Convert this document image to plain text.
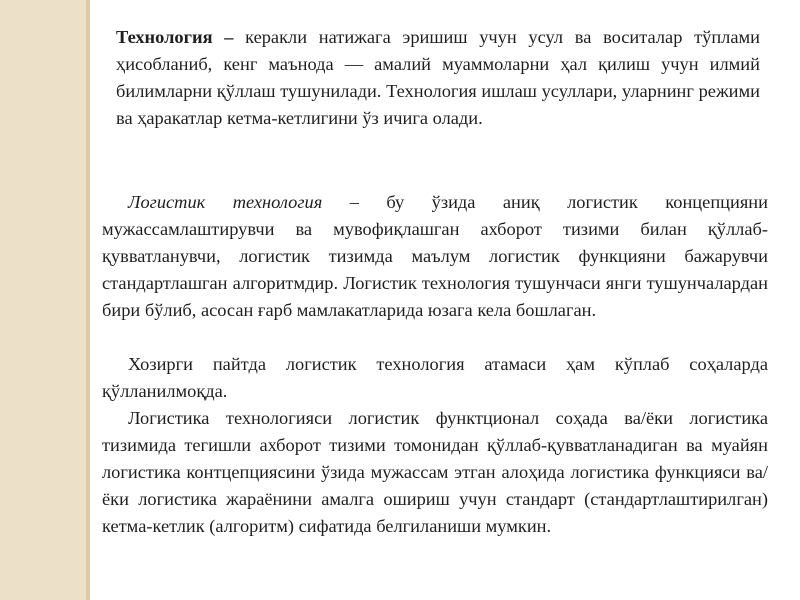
Технология – керакли натижага эришиш учун усул ва воситалар тўплами ҳисобланиб, кенг маънода — амалий муаммоларни ҳал қилиш учун илмий билимларни қўллаш тушунилади. Технология ишлаш усуллари, уларнинг режими ва ҳаракатлар кетма-кетлигини ўз ичига олади.

Логистик технология – бу ўзида аниқ логистик концепцияни мужассамлаштирувчи ва мувофиқлашган ахборот тизими билан қўллаб-қувватланувчи, логистик тизимда маълум логистик функцияни бажарувчи стандартлашган алгоритмдир. Логистик технология тушунчаси янги тушунчалардан бири бўлиб, асосан ғарб мамлакатларида юзага кела бошлаган.

Хозирги пайтда логистик технология атамаси ҳам кўплаб соҳаларда қўлланилмоқда.

Логистика технологияси логистик функтционал соҳада ва/ёки логистика тизимида тегишли ахборот тизими томонидан қўллаб-қувватланадиган ва муайян логистика контцепциясини ўзида мужассам этган алоҳида логистика функцияси ва/ёки логистика жараёнини амалга ошириш учун стандарт (стандартлаштирилган) кетма-кетлик (алгоритм) сифатида белгиланиши мумкин.
